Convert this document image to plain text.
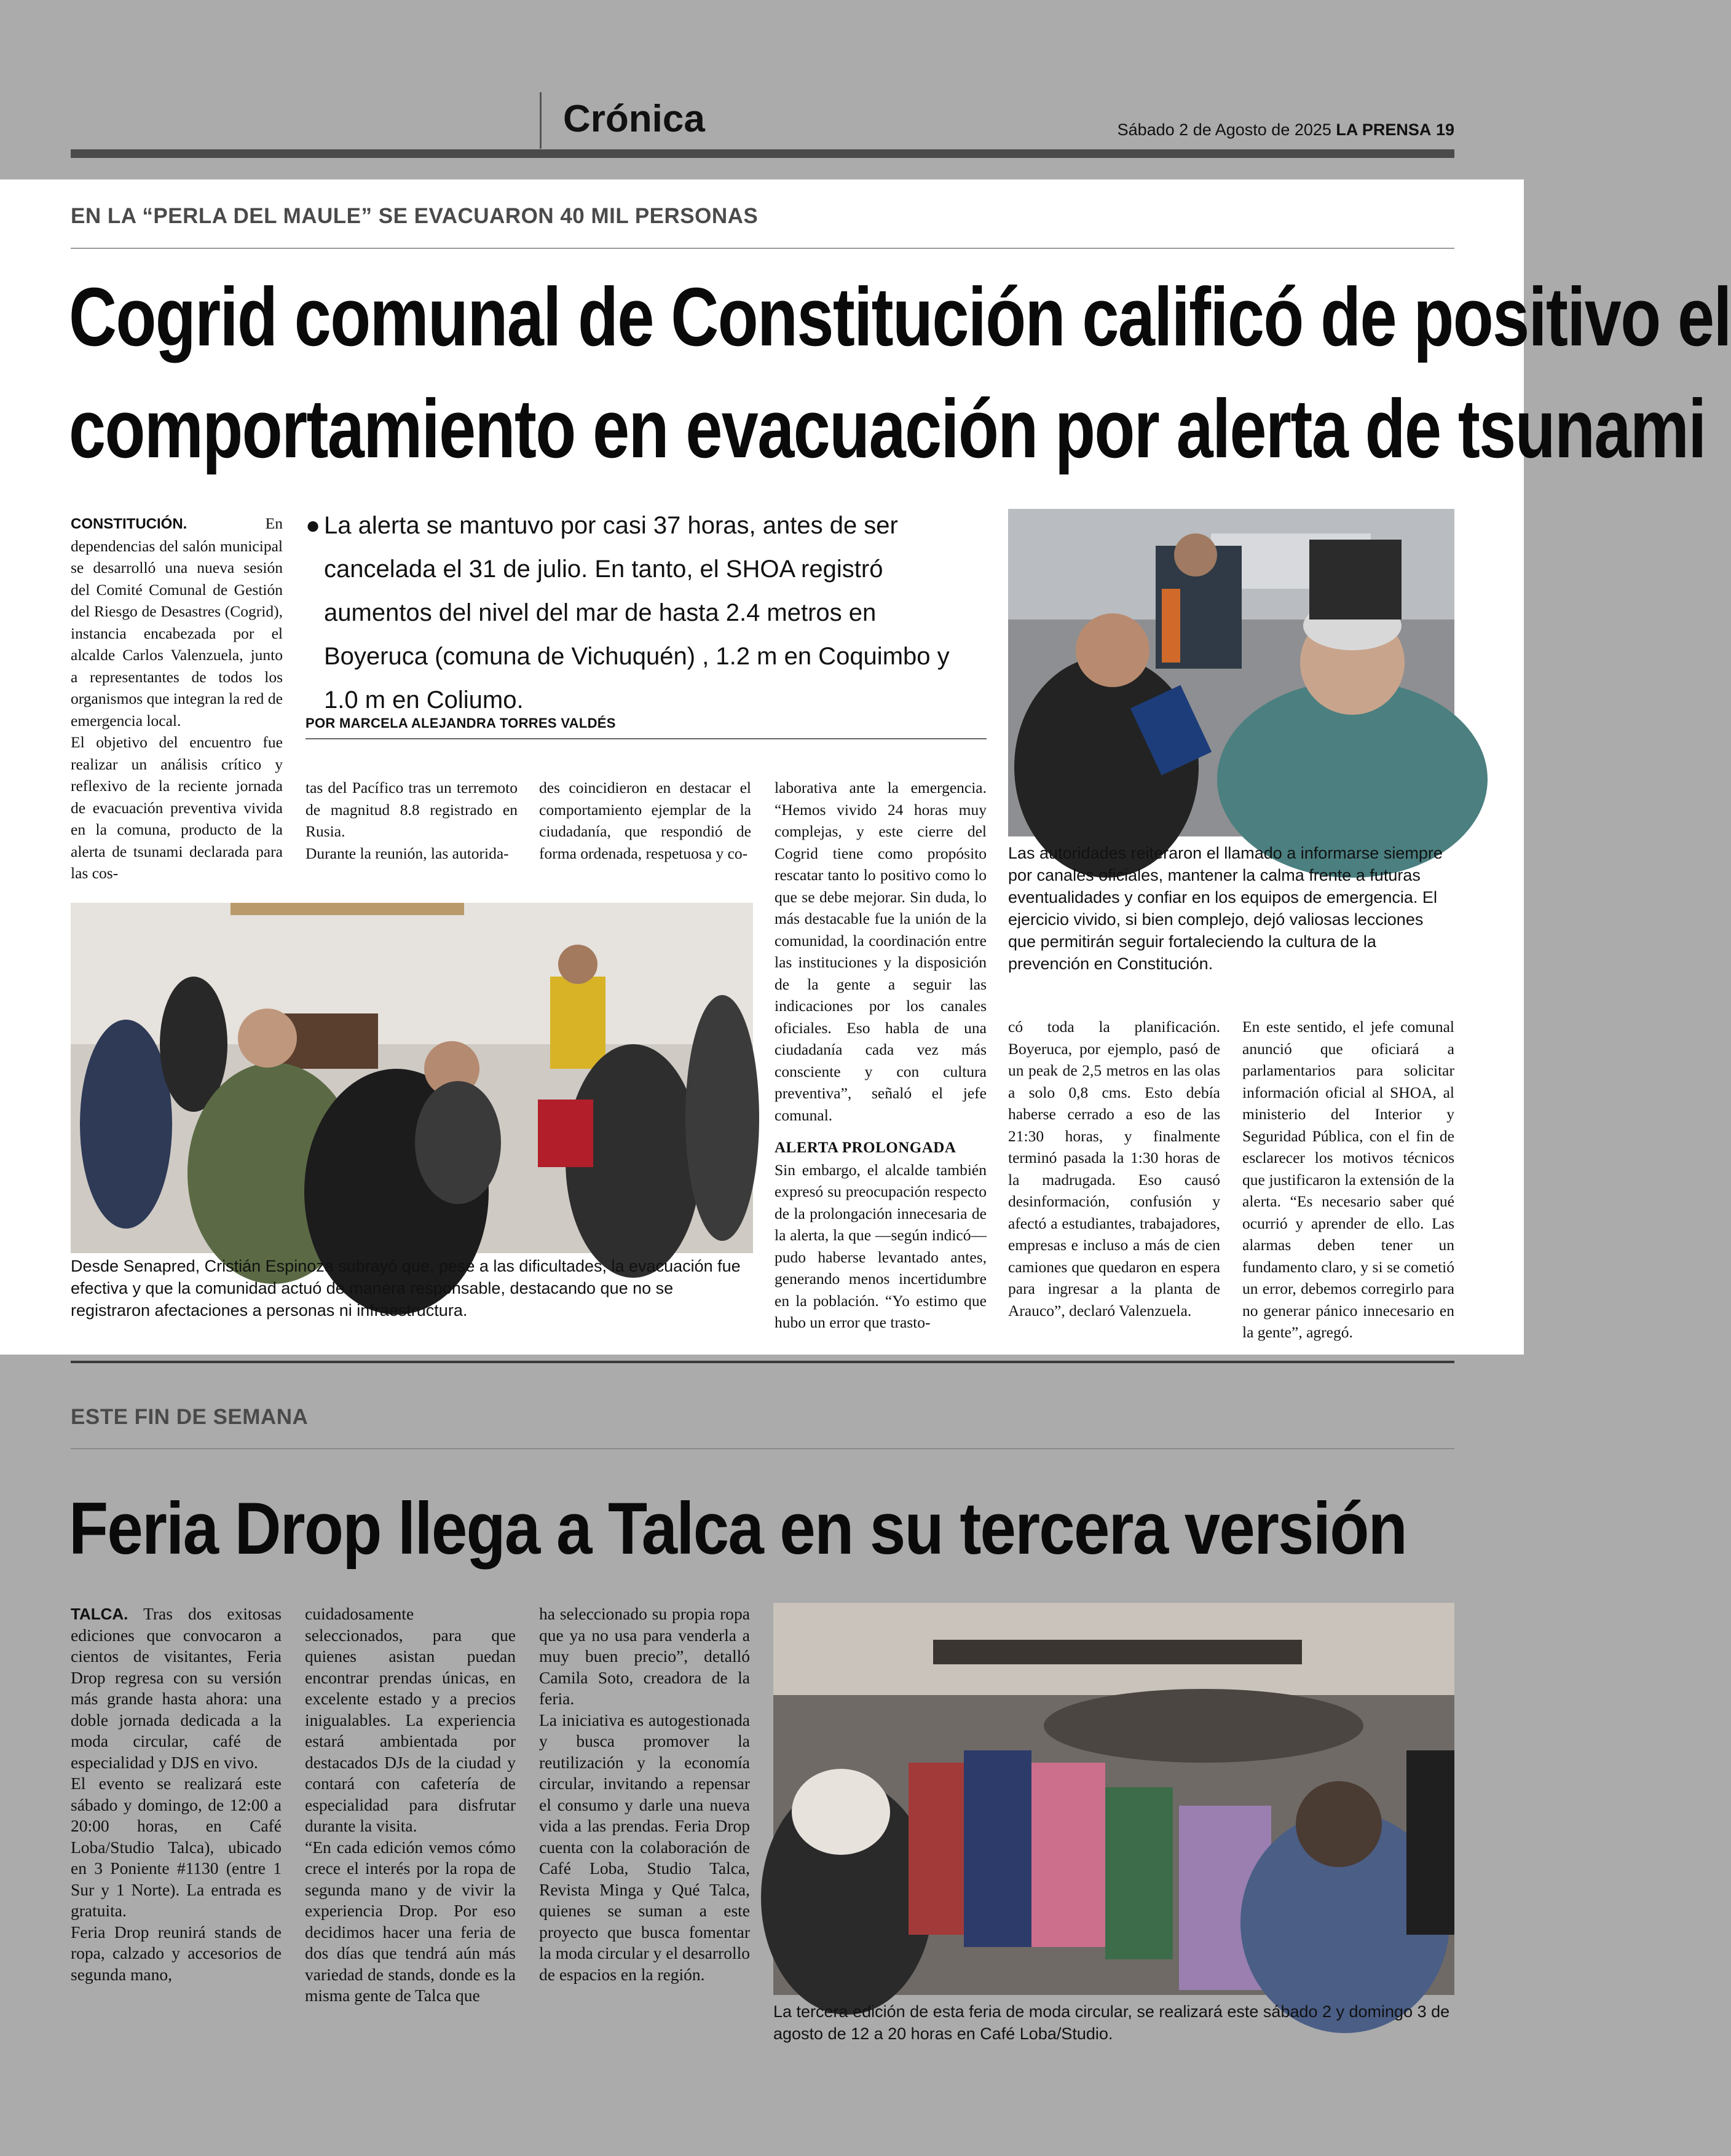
Crónica	Sábado 2 de Agosto de 2025 LA PRENSA 19
EN LA “PERLA DEL MAULE” SE EVACUARON 40 MIL PERSONAS
Cogrid comunal de Constitución calificó de positivo el
comportamiento en evacuación por alerta de tsunami

CONSTITUCIÓN.	En dependencias del salón municipal se desarrolló una nueva sesión del Comité Comunal de Gestión del Riesgo de Desastres (Cogrid), instancia encabezada por el alcalde Carlos Valenzuela, junto a representantes de todos los organismos que integran la red de emergencia local.

El objetivo del encuentro fue realizar un análisis crítico y reflexivo de la reciente jornada de evacuación preventiva vivida en la comuna, producto de la alerta de tsunami declarada para las cos-

● La alerta se mantuvo por casi 37 horas, antes de ser cancelada el 31 de julio. En tanto, el SHOA registró aumentos del nivel del mar de hasta 2.4 metros en Boyeruca (comuna de Vichuquén) , 1.2 m en Coquimbo y 1.0 m en Coliumo.
POR MARCELA ALEJANDRA TORRES VALDÉS

tas del Pacífico tras un terremoto de magnitud 8.8 registrado en Rusia.

Durante la reunión, las autorida-

des coincidieron en destacar el comportamiento ejemplar de la ciudadanía, que respondió de forma ordenada, respetuosa y co-

laborativa ante la emergencia. “Hemos vivido 24 horas muy complejas, y este cierre del Cogrid tiene como propósito rescatar tanto lo positivo como lo que se debe mejorar. Sin duda, lo más destacable fue la unión de la comunidad, la coordinación entre las instituciones y la disposición de la gente a seguir las indicaciones por los canales oficiales. Eso habla de una ciudadanía cada vez más consciente y con cultura preventiva”, señaló el jefe comunal.

ALERTA PROLONGADA

Sin embargo, el alcalde también expresó su preocupación respecto de la prolongación innecesaria de la alerta, la que —según indicó— pudo haberse levantado antes, generando menos incertidumbre en la población. “Yo estimo que hubo un error que trasto-

Las autoridades reiteraron el llamado a informarse siempre por canales oficiales, mantener la calma frente a futuras eventualidades y confiar en los equipos de emergencia. El ejercicio vivido, si bien complejo, dejó valiosas lecciones que permitirán seguir fortaleciendo la cultura de la prevención en Constitución.
Desde Senapred, Cristián Espinoza subrayó que, pese a las dificultades, la evacuación fue efectiva y que la comunidad actuó de manera responsable, destacando que no se registraron afectaciones a personas ni infraestructura.

có toda la planificación. Boyeruca, por ejemplo, pasó de un peak de 2,5 metros en las olas a solo 0,8 cms. Esto debía haberse cerrado a eso de las 21:30 horas, y finalmente terminó pasada la 1:30 horas de la madrugada. Eso causó desinformación, confusión y afectó a estudiantes, trabajadores, empresas e incluso a más de cien camiones que quedaron en espera para ingresar a la planta de Arauco”, declaró Valenzuela.

En este sentido, el jefe comunal anunció que oficiará a parlamentarios para solicitar información oficial al SHOA, al ministerio del Interior y Seguridad Pública, con el fin de esclarecer los motivos técnicos que justificaron la extensión de la alerta. “Es necesario saber qué ocurrió y aprender de ello. Las alarmas deben tener un fundamento claro, y si se cometió un error, debemos corregirlo para no generar pánico innecesario en la gente”, agregó.

ESTE FIN DE SEMANA
Feria Drop llega a Talca en su tercera versión

TALCA. Tras dos exitosas ediciones que convocaron a cientos de visitantes, Feria Drop regresa con su versión más grande hasta ahora: una doble jornada dedicada a la moda circular, café de especialidad y DJS en vivo.

El evento se realizará este sábado y domingo, de 12:00 a 20:00 horas, en Café Loba/Studio Talca), ubicado en 3 Poniente #1130 (entre 1 Sur y 1 Norte). La entrada es gratuita.

Feria Drop reunirá stands de ropa, calzado y accesorios de segunda mano,

cuidadosamente seleccionados, para que quienes asistan puedan encontrar prendas únicas, en excelente estado y a precios inigualables. La experiencia estará ambientada por destacados DJs de la ciudad y contará con cafetería de especialidad para disfrutar durante la visita.

“En cada edición vemos cómo crece el interés por la ropa de segunda mano y de vivir la experiencia Drop. Por eso decidimos hacer una feria de dos días que tendrá aún más variedad de stands, donde es la misma gente de Talca que

ha seleccionado su propia ropa que ya no usa para venderla a muy buen precio”, detalló Camila Soto, creadora de la feria.

La iniciativa es autogestionada y busca promover la reutilización y la economía circular, invitando a repensar el consumo y darle una nueva vida a las prendas. Feria Drop cuenta con la colaboración de Café Loba, Studio Talca, Revista Minga y Qué Talca, quienes se suman a este proyecto que busca fomentar la moda circular y el desarrollo de espacios en la región.

La tercera edición de esta feria de moda circular, se realizará este sábado 2 y domingo 3 de agosto de 12 a 20 horas en Café Loba/Studio.
